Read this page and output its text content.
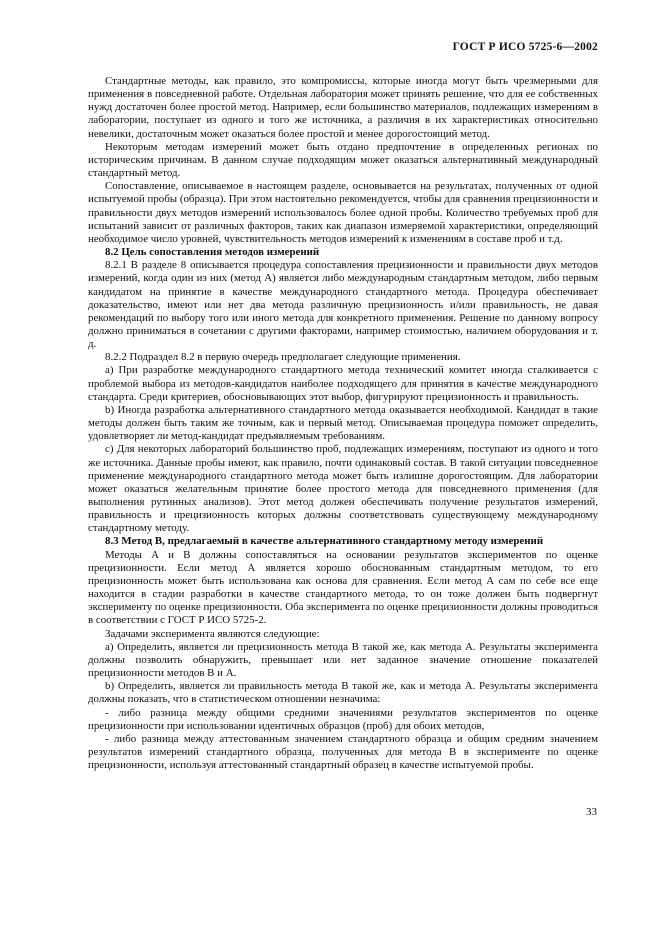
ГОСТ Р ИСО 5725-6—2002

Стандартные методы, как правило, это компромиссы, которые иногда могут быть чрезмерными для применения в повседневной работе. Отдельная лаборатория может принять решение, что для ее собственных нужд достаточен более простой метод. Например, если большинство материалов, подлежащих измерениям в лаборатории, поступает из одного и того же источника, а различия в их характеристиках относительно невелики, достаточным может оказаться более простой и менее дорогостоящий метод.

Некоторым методам измерений может быть отдано предпочтение в определенных регионах по историческим причинам. В данном случае подходящим может оказаться альтернативный международный стандартный метод.

Сопоставление, описываемое в настоящем разделе, основывается на результатах, полученных от одной испытуемой пробы (образца). При этом настоятельно рекомендуется, чтобы для сравнения прецизионности и правильности двух методов измерений использовалось более одной пробы. Количество требуемых проб для испытаний зависит от различных факторов, таких как диапазон измеряемой характеристики, определяющий необходимое число уровней, чувствительность методов измерений к изменениям в составе проб и т.д.

8.2 Цель сопоставления методов измерений

8.2.1 В разделе 8 описывается процедура сопоставления прецизионности и правильности двух методов измерений, когда один из них (метод А) является либо международным стандартным методом, либо первым кандидатом на принятие в качестве международного стандартного метода. Процедура обеспечивает доказательство, имеют или нет два метода различную прецизионность и/или правильность, не давая рекомендаций по выбору того или иного метода для конкретного применения. Решение по данному вопросу должно приниматься в сочетании с другими факторами, например стоимостью, наличием оборудования и т. д.

8.2.2 Подраздел 8.2 в первую очередь предполагает следующие применения.

а) При разработке международного стандартного метода технический комитет иногда сталкивается с проблемой выбора из методов-кандидатов наиболее подходящего для принятия в качестве международного стандарта. Среди критериев, обосновывающих этот выбор, фигурируют прецизионность и правильность.

b) Иногда разработка альтернативного стандартного метода оказывается необходимой. Кандидат в такие методы должен быть таким же точным, как и первый метод. Описываемая процедура поможет определить, удовлетворяет ли метод-кандидат предъявляемым требованиям.

с) Для некоторых лабораторий большинство проб, подлежащих измерениям, поступают из одного и того же источника. Данные пробы имеют, как правило, почти одинаковый состав. В такой ситуации повседневное применение международного стандартного метода может быть излишне дорогостоящим. Для лаборатории может оказаться желательным принятие более простого метода для повседневного применения (для выполнения рутинных анализов). Этот метод должен обеспечивать получение результатов измерений, правильность и прецизионность которых должны соответствовать существующему международному стандартному методу.

8.3 Метод В, предлагаемый в качестве альтернативного стандартному методу измерений

Методы А и В должны сопоставляться на основании результатов экспериментов по оценке прецизионности. Если метод А является хорошо обоснованным стандартным методом, то его прецизионность может быть использована как основа для сравнения. Если метод А сам по себе все еще находится в стадии разработки в качестве стандартного метода, то он тоже должен быть подвергнут эксперименту по оценке прецизионности. Оба эксперимента по оценке прецизионности должны проводиться в соответствии с ГОСТ Р ИСО 5725-2.

Задачами эксперимента являются следующие:

а) Определить, является ли прецизионность метода В такой же, как метода А. Результаты эксперимента должны позволить обнаружить, превышает или нет заданное значение отношение показателей прецизионности методов В и А.

b) Определить, является ли правильность метода В такой же, как и метода А. Результаты эксперимента должны показать, что в статистическом отношении незначима:

- либо разница между общими средними значениями результатов экспериментов по оценке прецизионности при использовании идентичных образцов (проб) для обоих методов,

- либо разница между аттестованным значением стандартного образца и общим средним значением результатов измерений стандартного образца, полученных для метода В в эксперименте по оценке прецизионности, используя аттестованный стандартный образец в качестве испытуемой пробы.

33
